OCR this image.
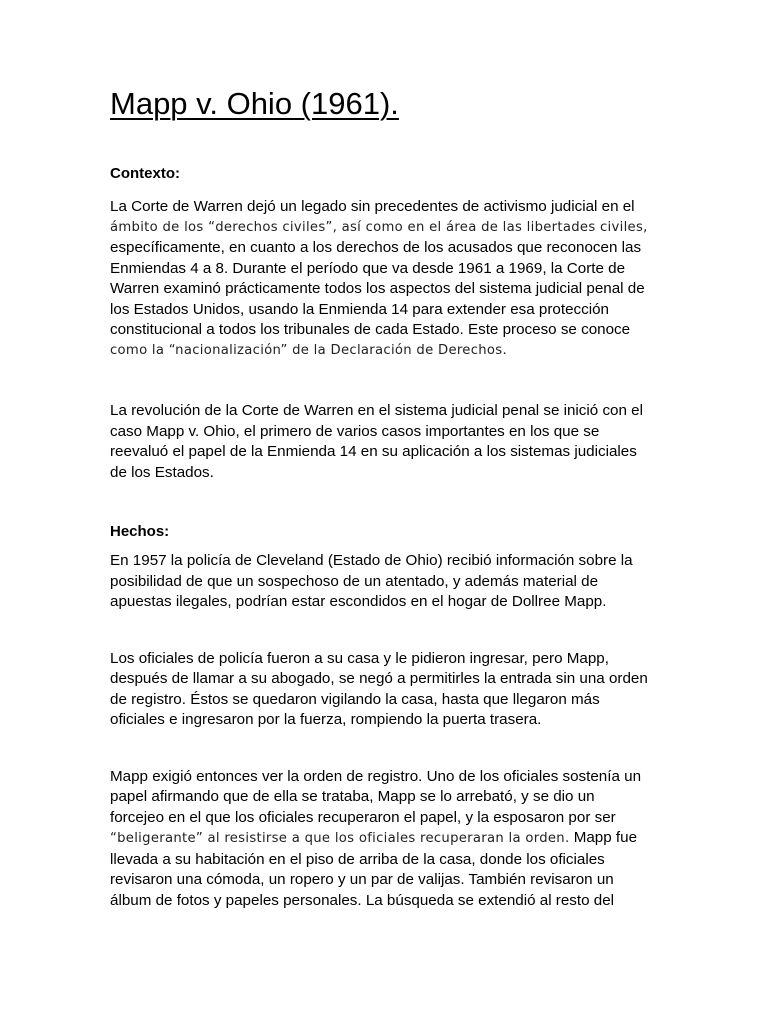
Mapp v. Ohio (1961).
Contexto:

La Corte de Warren dejó un legado sin precedentes de activismo judicial en el
ámbito de los “derechos civiles”, así como en el área de las libertades civiles,
específicamente, en cuanto a los derechos de los acusados que reconocen las
Enmiendas 4 a 8. Durante el período que va desde 1961 a 1969, la Corte de
Warren examinó prácticamente todos los aspectos del sistema judicial penal de
los Estados Unidos, usando la Enmienda 14 para extender esa protección
constitucional a todos los tribunales de cada Estado. Este proceso se conoce
como la “nacionalización” de la Declaración de Derechos.

La revolución de la Corte de Warren en el sistema judicial penal se inició con el
caso Mapp v. Ohio, el primero de varios casos importantes en los que se
reevaluó el papel de la Enmienda 14 en su aplicación a los sistemas judiciales
de los Estados.

Hechos:

En 1957 la policía de Cleveland (Estado de Ohio) recibió información sobre la
posibilidad de que un sospechoso de un atentado, y además material de
apuestas ilegales, podrían estar escondidos en el hogar de Dollree Mapp.

Los oficiales de policía fueron a su casa y le pidieron ingresar, pero Mapp,
después de llamar a su abogado, se negó a permitirles la entrada sin una orden
de registro. Éstos se quedaron vigilando la casa, hasta que llegaron más
oficiales e ingresaron por la fuerza, rompiendo la puerta trasera.

Mapp exigió entonces ver la orden de registro. Uno de los oficiales sostenía un
papel afirmando que de ella se trataba, Mapp se lo arrebató, y se dio un
forcejeo en el que los oficiales recuperaron el papel, y la esposaron por ser
“beligerante” al resistirse a que los oficiales recuperaran la orden. Mapp fue
llevada a su habitación en el piso de arriba de la casa, donde los oficiales
revisaron una cómoda, un ropero y un par de valijas. También revisaron un
álbum de fotos y papeles personales. La búsqueda se extendió al resto del
